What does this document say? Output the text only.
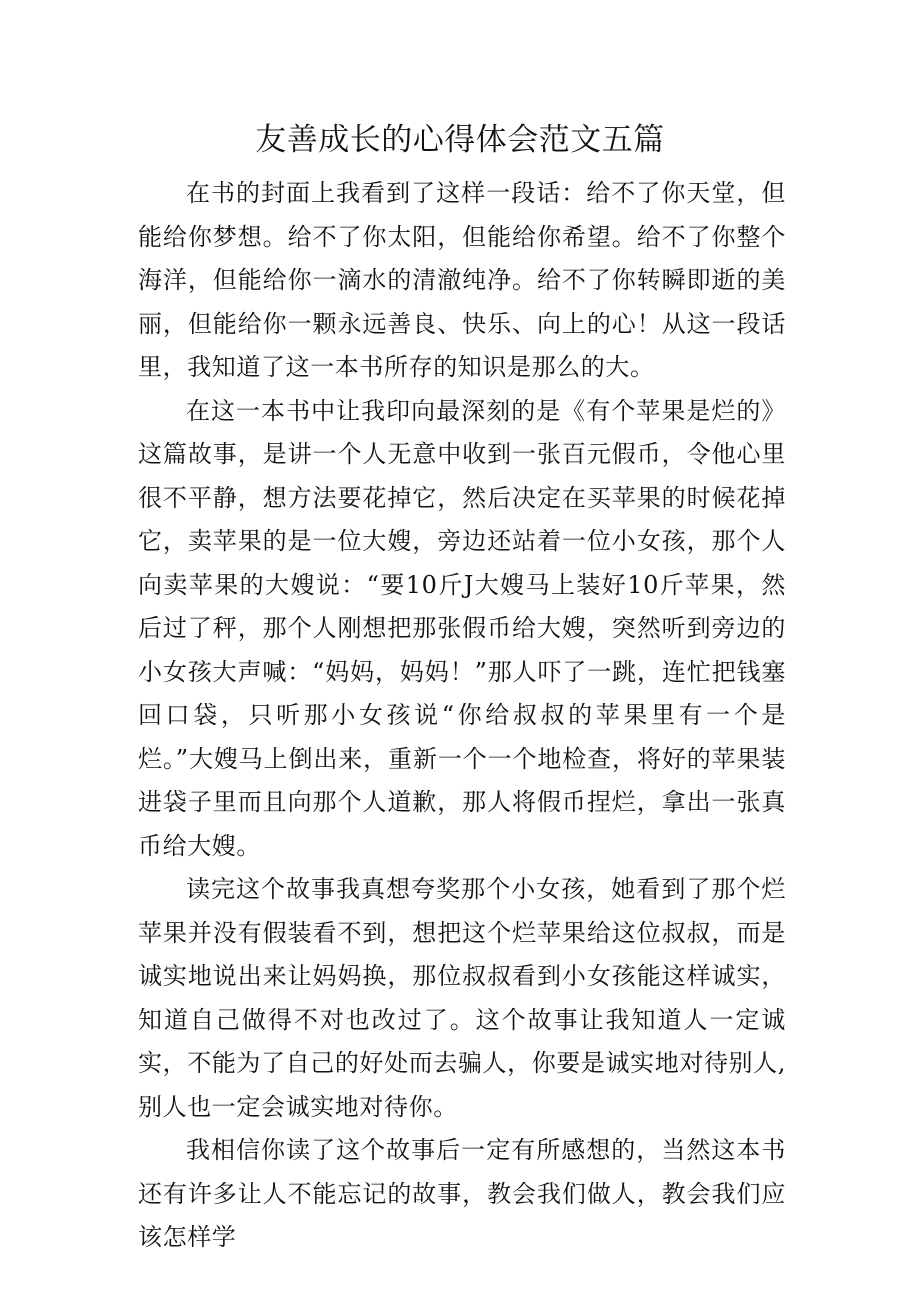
友善成长的心得体会范文五篇

在书的封面上我看到了这样一段话：给不了你天堂，但能给你梦想。给不了你太阳，但能给你希望。给不了你整个海洋，但能给你一滴水的清澈纯净。给不了你转瞬即逝的美丽，但能给你一颗永远善良、快乐、向上的心！从这一段话里，我知道了这一本书所存的知识是那么的大。

在这一本书中让我印向最深刻的是《有个苹果是烂的》这篇故事，是讲一个人无意中收到一张百元假币，令他心里很不平静，想方法要花掉它，然后决定在买苹果的时候花掉它，卖苹果的是一位大嫂，旁边还站着一位小女孩，那个人向卖苹果的大嫂说：“要10斤J大嫂马上装好10斤苹果，然后过了秤，那个人刚想把那张假币给大嫂，突然听到旁边的小女孩大声喊：“妈妈，妈妈！”那人吓了一跳，连忙把钱塞回口袋，只听那小女孩说“你给叔叔的苹果里有一个是烂。”大嫂马上倒出来，重新一个一个地检查，将好的苹果装进袋子里而且向那个人道歉，那人将假币捏烂，拿出一张真币给大嫂。

读完这个故事我真想夸奖那个小女孩，她看到了那个烂苹果并没有假装看不到，想把这个烂苹果给这位叔叔，而是诚实地说出来让妈妈换，那位叔叔看到小女孩能这样诚实，知道自己做得不对也改过了。这个故事让我知道人一定诚实，不能为了自己的好处而去骗人，你要是诚实地对待别人,别人也一定会诚实地对待你。

我相信你读了这个故事后一定有所感想的，当然这本书还有许多让人不能忘记的故事，教会我们做人，教会我们应该怎样学
